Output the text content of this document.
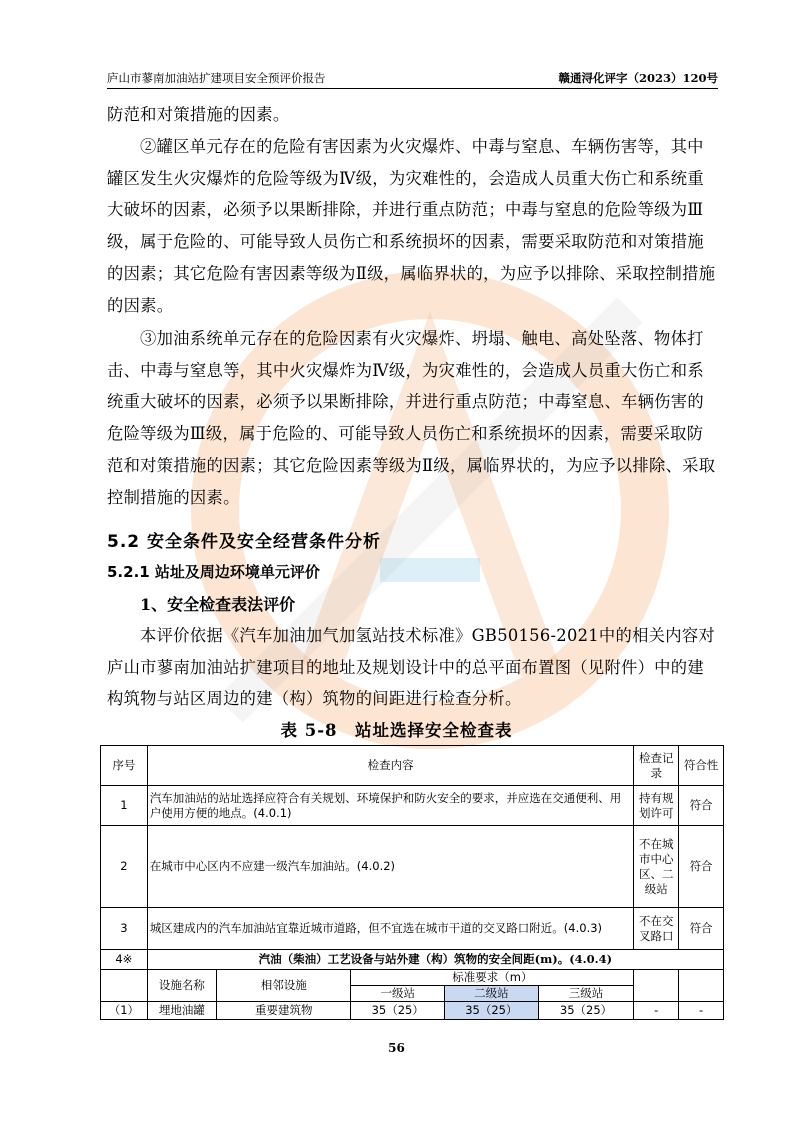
庐山市蓼南加油站扩建项目安全预评价报告	赣通浔化评字（2023）120号
防范和对策措施的因素。
②罐区单元存在的危险有害因素为火灾爆炸、中毒与窒息、车辆伤害等，其中罐区发生火灾爆炸的危险等级为Ⅳ级，为灾难性的，会造成人员重大伤亡和系统重大破坏的因素，必须予以果断排除，并进行重点防范；中毒与窒息的危险等级为Ⅲ级，属于危险的、可能导致人员伤亡和系统损坏的因素，需要采取防范和对策措施的因素；其它危险有害因素等级为Ⅱ级，属临界状的，为应予以排除、采取控制措施的因素。
③加油系统单元存在的危险因素有火灾爆炸、坍塌、触电、高处坠落、物体打击、中毒与窒息等，其中火灾爆炸为Ⅳ级，为灾难性的，会造成人员重大伤亡和系统重大破坏的因素，必须予以果断排除，并进行重点防范；中毒窒息、车辆伤害的危险等级为Ⅲ级，属于危险的、可能导致人员伤亡和系统损坏的因素，需要采取防范和对策措施的因素；其它危险因素等级为Ⅱ级，属临界状的，为应予以排除、采取控制措施的因素。
5.2 安全条件及安全经营条件分析
5.2.1 站址及周边环境单元评价
1、安全检查表法评价
本评价依据《汽车加油加气加氢站技术标准》GB50156-2021中的相关内容对庐山市蓼南加油站扩建项目的地址及规划设计中的总平面布置图（见附件）中的建构筑物与站区周边的建（构）筑物的间距进行检查分析。
表 5-8　站址选择安全检查表
序号	检查内容					检查记录	符合性
1	汽车加油站的站址选择应符合有关规划、环境保护和防火安全的要求，并应选在交通便利、用户使用方便的地点。(4.0.1)					持有规划许可	符合
2	在城市中心区内不应建一级汽车加油站。(4.0.2)					不在城市中心区、二级站	符合
3	城区建成内的汽车加油站宜靠近城市道路，但不宜选在城市干道的交叉路口附近。(4.0.3)					不在交叉路口	符合
4※	汽油（柴油）工艺设备与站外建（构）筑物的安全间距(m)。(4.0.4)						
	设施名称	相邻设施	标准要求（m）				
			一级站	二级站	三级站		
（1）	埋地油罐	重要建筑物	35（25）	35（25）	35（25）	-	-
56
